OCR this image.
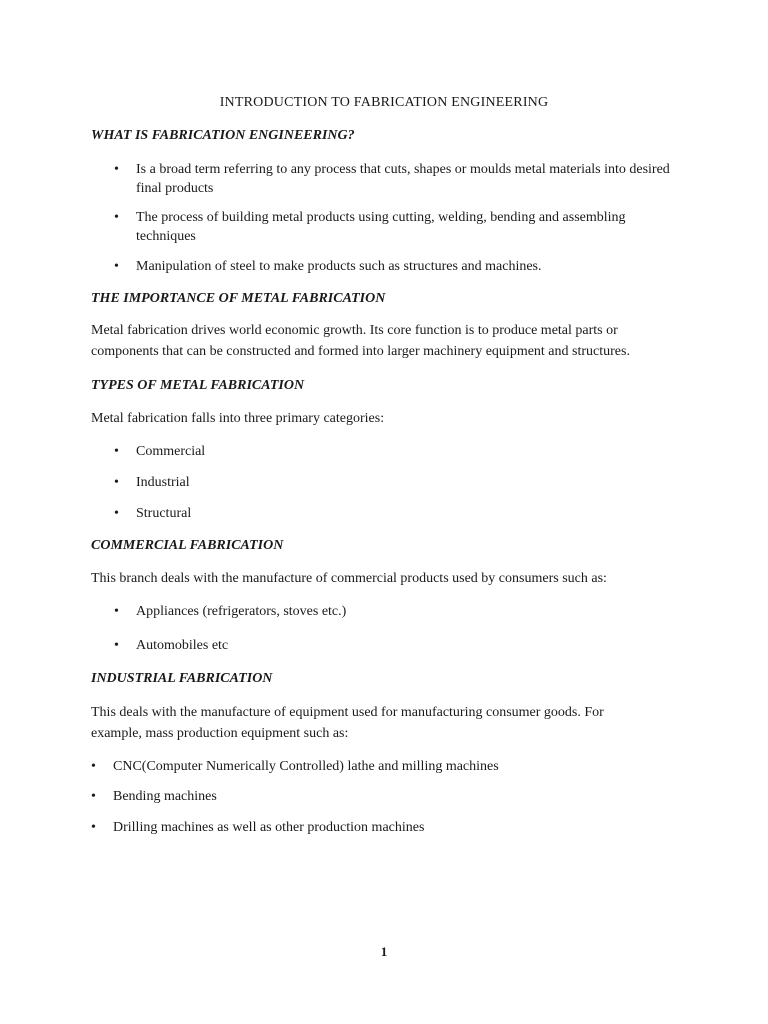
INTRODUCTION TO FABRICATION ENGINEERING

WHAT IS FABRICATION ENGINEERING?

• Is a broad term referring to any process that cuts, shapes or moulds metal materials into desired final products
• The process of building metal products using cutting, welding, bending and assembling techniques
• Manipulation of steel to make products such as structures and machines.

THE IMPORTANCE OF METAL FABRICATION

Metal fabrication drives world economic growth. Its core function is to produce metal parts or

components that can be constructed and formed into larger machinery equipment and structures.

TYPES OF METAL FABRICATION

Metal fabrication falls into three primary categories:

• Commercial
• Industrial
• Structural

COMMERCIAL FABRICATION

This branch deals with the manufacture of commercial products used by consumers such as:

• Appliances (refrigerators, stoves etc.)
• Automobiles etc

INDUSTRIAL FABRICATION

This deals with the manufacture of equipment used for manufacturing consumer goods. For

example, mass production equipment such as:

• CNC(Computer Numerically Controlled) lathe and milling machines
• Bending machines
• Drilling machines as well as other production machines

1
